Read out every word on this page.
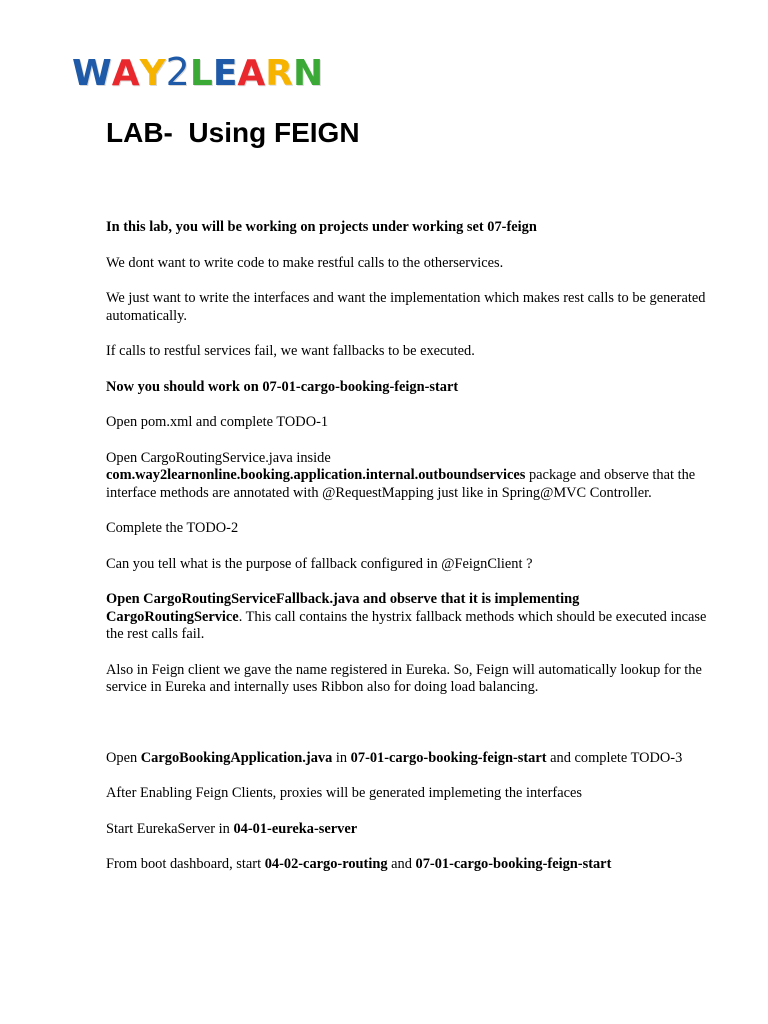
WAY2LEARN
LAB-  Using FEIGN

In this lab, you will be working on projects under working set 07-feign

We dont want to write code to make restful calls to the otherservices.

We just want to write the interfaces and want the implementation which makes rest calls to be generated automatically.

If calls to restful services fail, we want fallbacks to be executed.

Now you should work on 07-01-cargo-booking-feign-start

Open pom.xml and complete TODO-1

Open CargoRoutingService.java inside
com.way2learnonline.booking.application.internal.outboundservices package and observe that the interface methods are annotated with @RequestMapping just like in Spring@MVC Controller.

Complete the TODO-2

Can you tell what is the purpose of fallback configured in @FeignClient ?

Open CargoRoutingServiceFallback.java and observe that it is implementing CargoRoutingService. This call contains the hystrix fallback methods which should be executed incase the rest calls fail.

Also in Feign client we gave the name registered in Eureka. So, Feign will automatically lookup for the service in Eureka and internally uses Ribbon also for doing load balancing.

Open CargoBookingApplication.java in 07-01-cargo-booking-feign-start and complete TODO-3

After Enabling Feign Clients, proxies will be generated implemeting the interfaces

Start EurekaServer in 04-01-eureka-server

From boot dashboard, start 04-02-cargo-routing and 07-01-cargo-booking-feign-start
